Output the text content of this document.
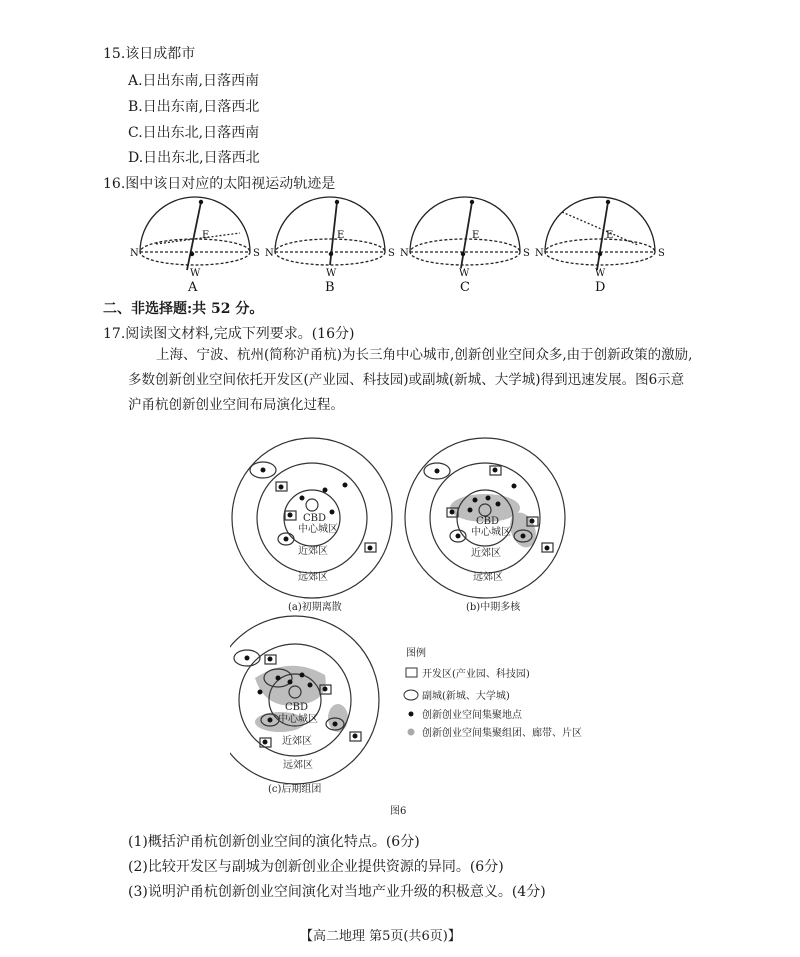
15.该日成都市
A.日出东南,日落西南
B.日出东南,日落西北
C.日出东北,日落西南
D.日出东北,日落西北
16.图中该日对应的太阳视运动轨迹是
N	S
E
W
N	S
E
W
N	S
E
W
N	S
E
W
A	B	C	D
二、非选择题:共 52 分。
17.阅读图文材料,完成下列要求。(16分)
上海、宁波、杭州(简称沪甬杭)为长三角中心城市,创新创业空间众多,由于创新政策的激励,多数创新创业空间依托开发区(产业园、科技园)或副城(新城、大学城)得到迅速发展。图6示意沪甬杭创新创业空间布局演化过程。
CBD
中心城区
近郊区
远郊区
(a)初期离散
CBD
中心城区
近郊区
远郊区
(b)中期多核
CBD
中心城区
近郊区
远郊区
(c)后期组团
图例
开发区(产业园、科技园)
副城(新城、大学城)
创新创业空间集聚地点
创新创业空间集聚组团、廊带、片区
图6
(1)概括沪甬杭创新创业空间的演化特点。(6分)
(2)比较开发区与副城为创新创业企业提供资源的异同。(6分)
(3)说明沪甬杭创新创业空间演化对当地产业升级的积极意义。(4分)
【高二地理 第5页(共6页)】
